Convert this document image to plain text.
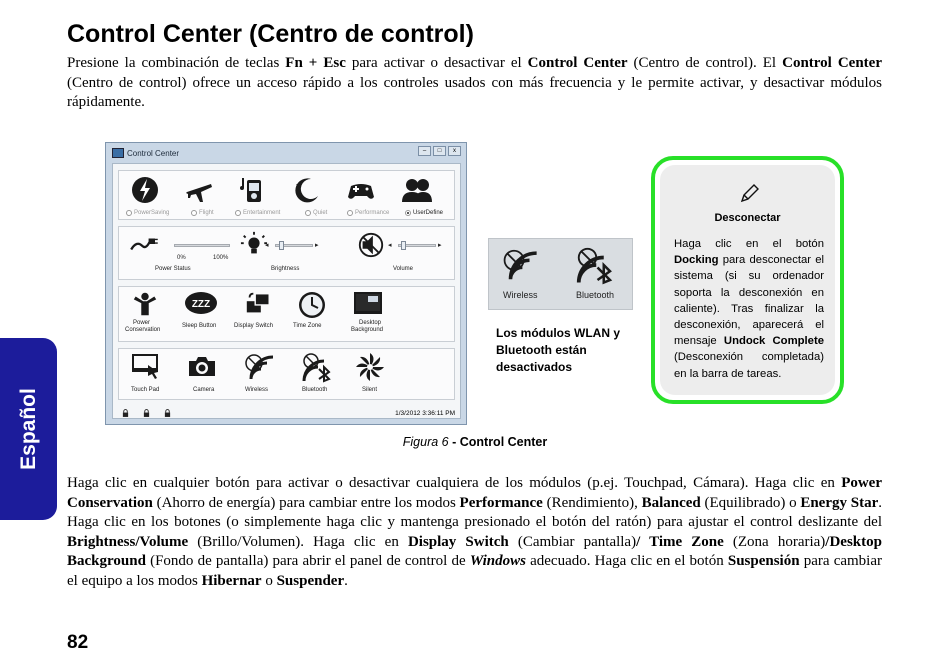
Español
Control Center (Centro de control)

Presione la combinación de teclas Fn + Esc para activar o desactivar el Control Center (Centro de control). El Control Center (Centro de control) ofrece un acceso rápido a los controles usados con más frecuencia y le permite activar, y desactivar módulos rápidamente.

Control Center	–	□	x
PowerSaving	Flight	Entertainment	Quiet	Performance	UserDefine
0%	100%
Power Status
◂	▸
Brightness
◂	▸
Volume
Power
Conservation
ZZZ
Sleep Button	Display Switch	Time Zone	Desktop
Background
Touch Pad	Camera	Wireless	Bluetooth	Silent
1/3/2012 3:36:11 PM
Wireless	Bluetooth
Los módulos WLAN y Bluetooth están desactivados
Desconectar
Haga clic en el botón Docking para desconectar el sistema (si su ordenador soporta la desconexión en caliente). Tras finalizar la desconexión, aparecerá el mensaje Undock Complete (Desconexión completada) en la barra de tareas.
Figura 6 - Control Center

Haga clic en cualquier botón para activar o desactivar cualquiera de los módulos (p.ej. Touchpad, Cámara). Haga clic en Power Conservation (Ahorro de energía) para cambiar entre los modos Performance (Rendimiento), Balanced (Equilibrado) o Energy Star. Haga clic en los botones (o simplemente haga clic y mantenga presionado el botón del ratón) para ajustar el control deslizante del Brightness/Volume (Brillo/Volumen). Haga clic en Display Switch (Cambiar pantalla)/ Time Zone (Zona horaria)/Desktop Background (Fondo de pantalla) para abrir el panel de control de Windows adecuado. Haga clic en el botón Suspensión para cambiar el equipo a los modos Hibernar o Suspender.

82
